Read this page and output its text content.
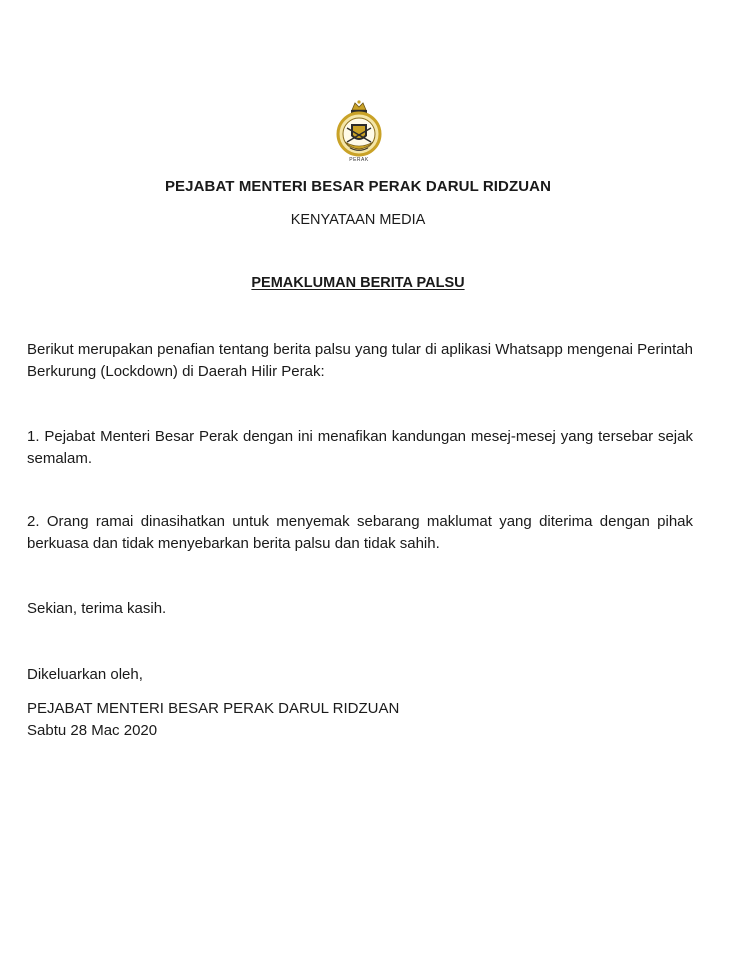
PERAK
PEJABAT MENTERI BESAR PERAK DARUL RIDZUAN
KENYATAAN MEDIA
PEMAKLUMAN BERITA PALSU

Berikut merupakan penafian tentang berita palsu yang tular di aplikasi Whatsapp mengenai Perintah Berkurung (Lockdown) di Daerah Hilir Perak:

1. Pejabat Menteri Besar Perak dengan ini menafikan kandungan mesej-mesej yang tersebar sejak semalam.

2. Orang ramai dinasihatkan untuk menyemak sebarang maklumat yang diterima dengan pihak berkuasa dan tidak menyebarkan berita palsu dan tidak sahih.

Sekian, terima kasih.

Dikeluarkan oleh,

PEJABAT MENTERI BESAR PERAK DARUL RIDZUAN

Sabtu 28 Mac 2020
